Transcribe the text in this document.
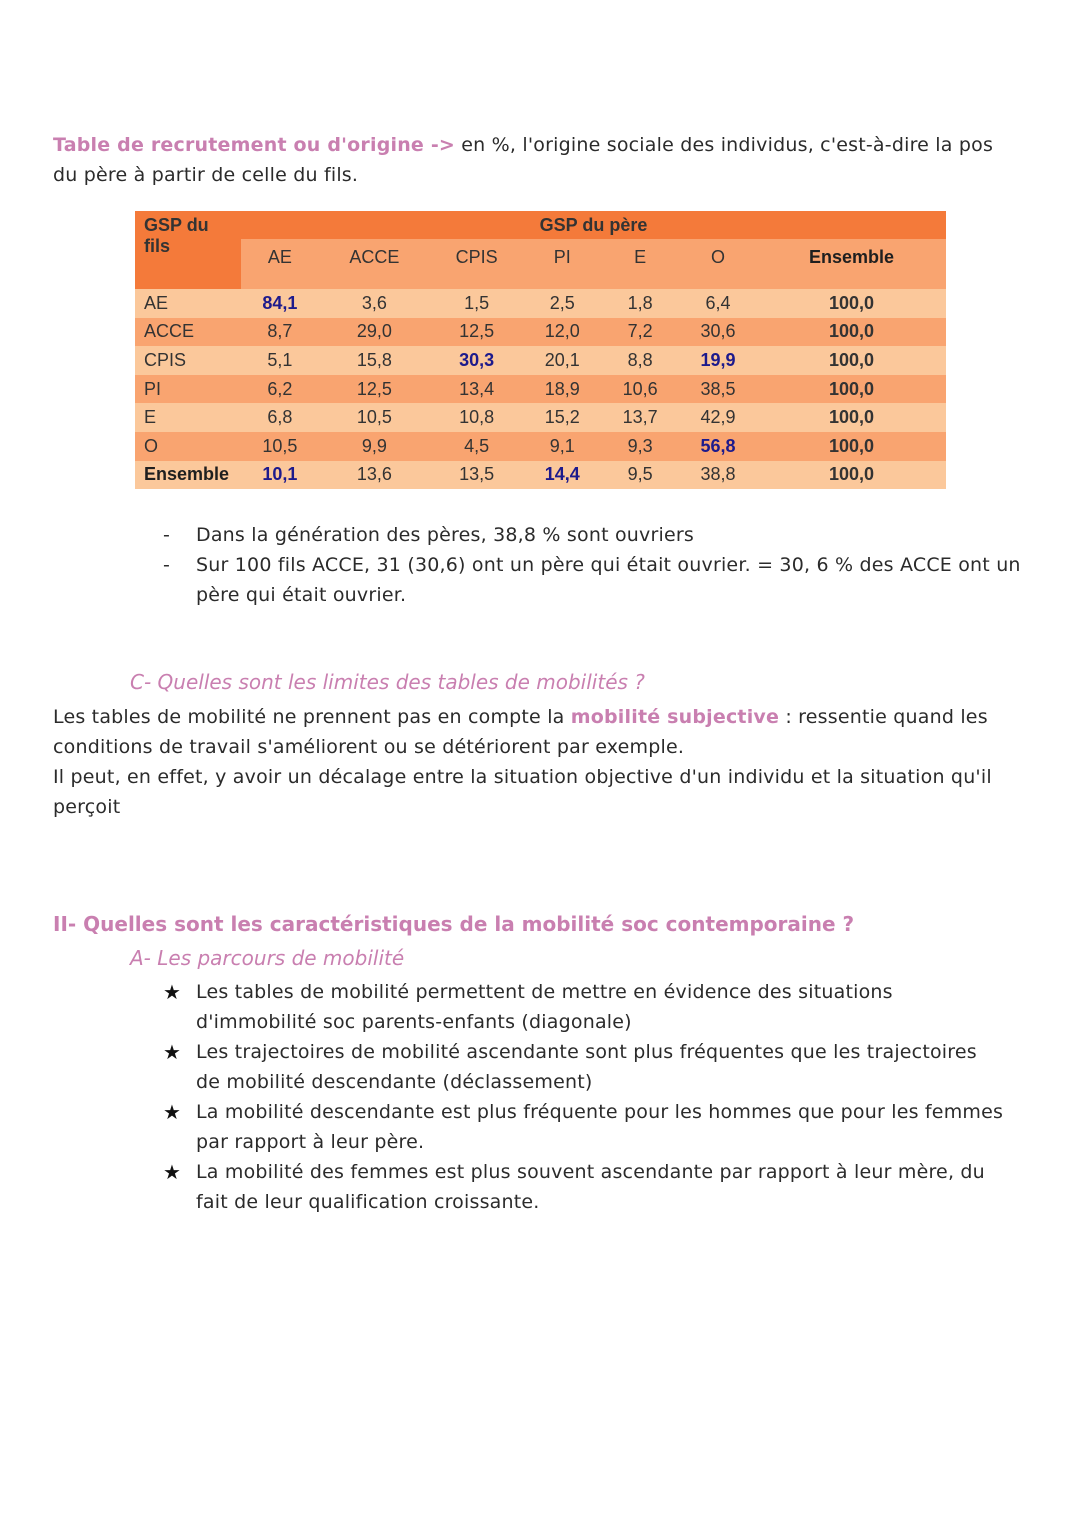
Table de recrutement ou d'origine -> en %, l'origine sociale des individus, c'est-à-dire la pos
du père à partir de celle du fils.
GSP du
fils	GSP du père						
	AE	ACCE	CPIS	PI	E	O	Ensemble

AE	84,1	3,6	1,5	2,5	1,8	6,4	100,0
ACCE	8,7	29,0	12,5	12,0	7,2	30,6	100,0
CPIS	5,1	15,8	30,3	20,1	8,8	19,9	100,0
PI	6,2	12,5	13,4	18,9	10,6	38,5	100,0
E	6,8	10,5	10,8	15,2	13,7	42,9	100,0
O	10,5	9,9	4,5	9,1	9,3	56,8	100,0
Ensemble	10,1	13,6	13,5	14,4	9,5	38,8	100,0
- Dans la génération des pères, 38,8 % sont ouvriers
- Sur 100 fils ACCE, 31 (30,6) ont un père qui était ouvrier. = 30, 6 % des ACCE ont un
père qui était ouvrier.
C- Quelles sont les limites des tables de mobilités ?
Les tables de mobilité ne prennent pas en compte la mobilité subjective : ressentie quand les
conditions de travail s'améliorent ou se détériorent par exemple.
Il peut, en effet, y avoir un décalage entre la situation objective d'un individu et la situation qu'il
perçoit
II- Quelles sont les caractéristiques de la mobilité soc contemporaine ?
A- Les parcours de mobilité
★ Les tables de mobilité permettent de mettre en évidence des situations
d'immobilité soc parents-enfants (diagonale)
★ Les trajectoires de mobilité ascendante sont plus fréquentes que les trajectoires
de mobilité descendante (déclassement)
★ La mobilité descendante est plus fréquente pour les hommes que pour les femmes
par rapport à leur père.
★ La mobilité des femmes est plus souvent ascendante par rapport à leur mère, du
fait de leur qualification croissante.
